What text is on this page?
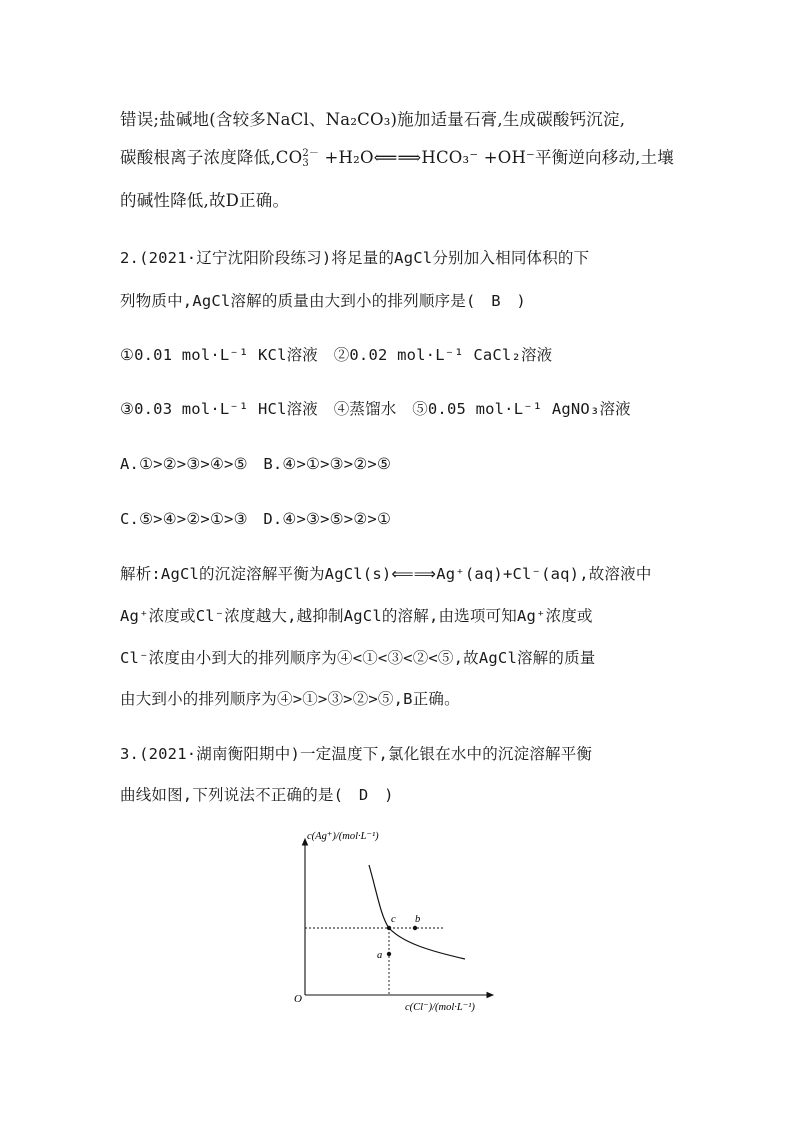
错误;盐碱地(含较多NaCl、Na₂CO₃)施加适量石膏,生成碳酸钙沉淀,
碳酸根离子浓度降低,CO 2－
3 +H₂O⟸⟹HCO₃⁻ +OH⁻平衡逆向移动,土壤
的碱性降低,故D正确。
2.(2021·辽宁沈阳阶段练习)将足量的AgCl分别加入相同体积的下
列物质中,AgCl溶解的质量由大到小的排列顺序是(　B　)
①0.01 mol·L⁻¹ KCl溶液　②0.02 mol·L⁻¹ CaCl₂溶液
③0.03 mol·L⁻¹ HCl溶液　④蒸馏水　⑤0.05 mol·L⁻¹ AgNO₃溶液
A.①>②>③>④>⑤　B.④>①>③>②>⑤
C.⑤>④>②>①>③　D.④>③>⑤>②>①
解析:AgCl的沉淀溶解平衡为AgCl(s)⟸⟹Ag⁺(aq)+Cl⁻(aq),故溶液中
Ag⁺浓度或Cl⁻浓度越大,越抑制AgCl的溶解,由选项可知Ag⁺浓度或
Cl⁻浓度由小到大的排列顺序为④<①<③<②<⑤,故AgCl溶解的质量
由大到小的排列顺序为④>①>③>②>⑤,B正确。
3.(2021·湖南衡阳期中)一定温度下,氯化银在水中的沉淀溶解平衡
曲线如图,下列说法不正确的是(　D　)
c(Ag⁺)/(mol·L⁻¹)
c(Cl⁻)/(mol·L⁻¹)
O
c b
a
